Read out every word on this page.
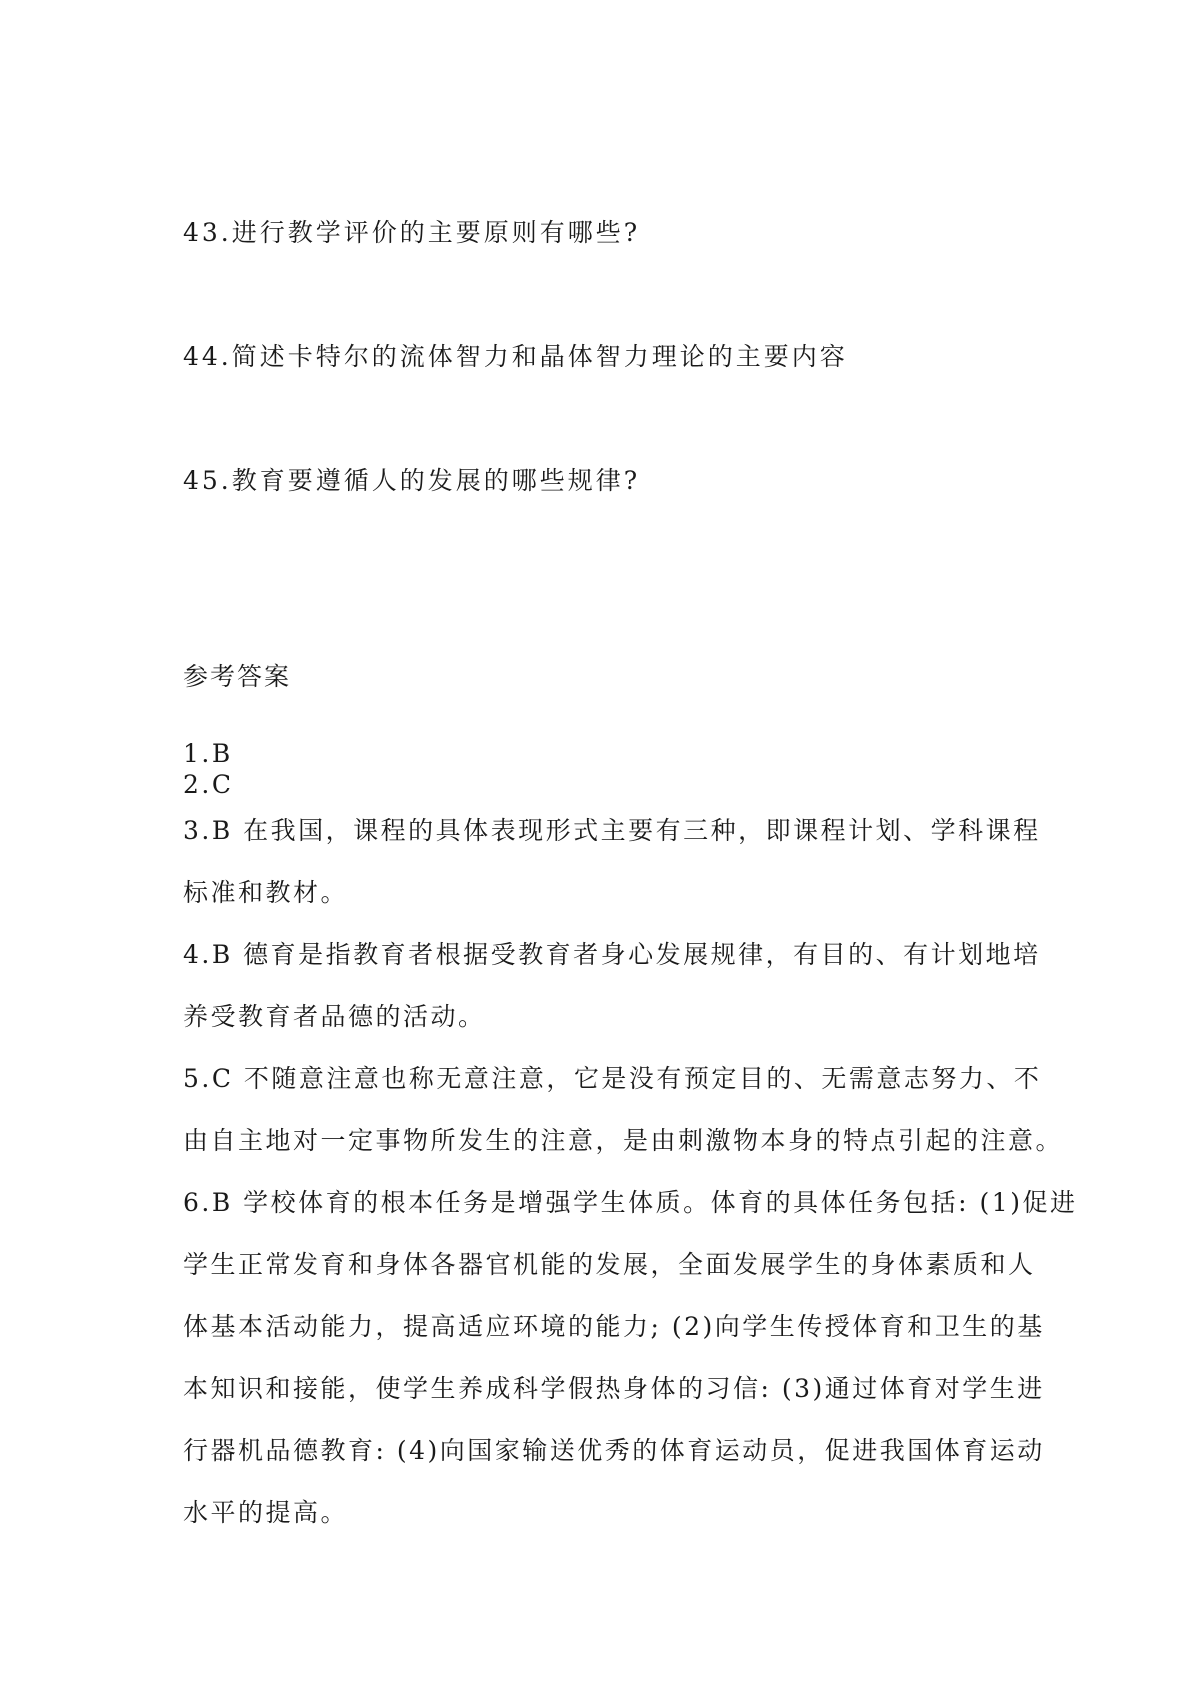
43.进行教学评价的主要原则有哪些?
44.简述卡特尔的流体智力和晶体智力理论的主要内容
45.教育要遵循人的发展的哪些规律?
参考答案
1.B
2.C
3.B 在我国，课程的具体表现形式主要有三种，即课程计划、学科课程
标准和教材。
4.B 德育是指教育者根据受教育者身心发展规律，有目的、有计划地培
养受教育者品德的活动。
5.C 不随意注意也称无意注意，它是没有预定目的、无需意志努力、不
由自主地对一定事物所发生的注意，是由刺激物本身的特点引起的注意。
6.B 学校体育的根本任务是增强学生体质。体育的具体任务包括: (1)促进
学生正常发育和身体各器官机能的发展，全面发展学生的身体素质和人
体基本活动能力，提高适应环境的能力; (2)向学生传授体育和卫生的基
本知识和接能，使学生养成科学假热身体的习信: (3)通过体育对学生进
行器机品德教育: (4)向国家输送优秀的体育运动员，促进我国体育运动
水平的提高。
